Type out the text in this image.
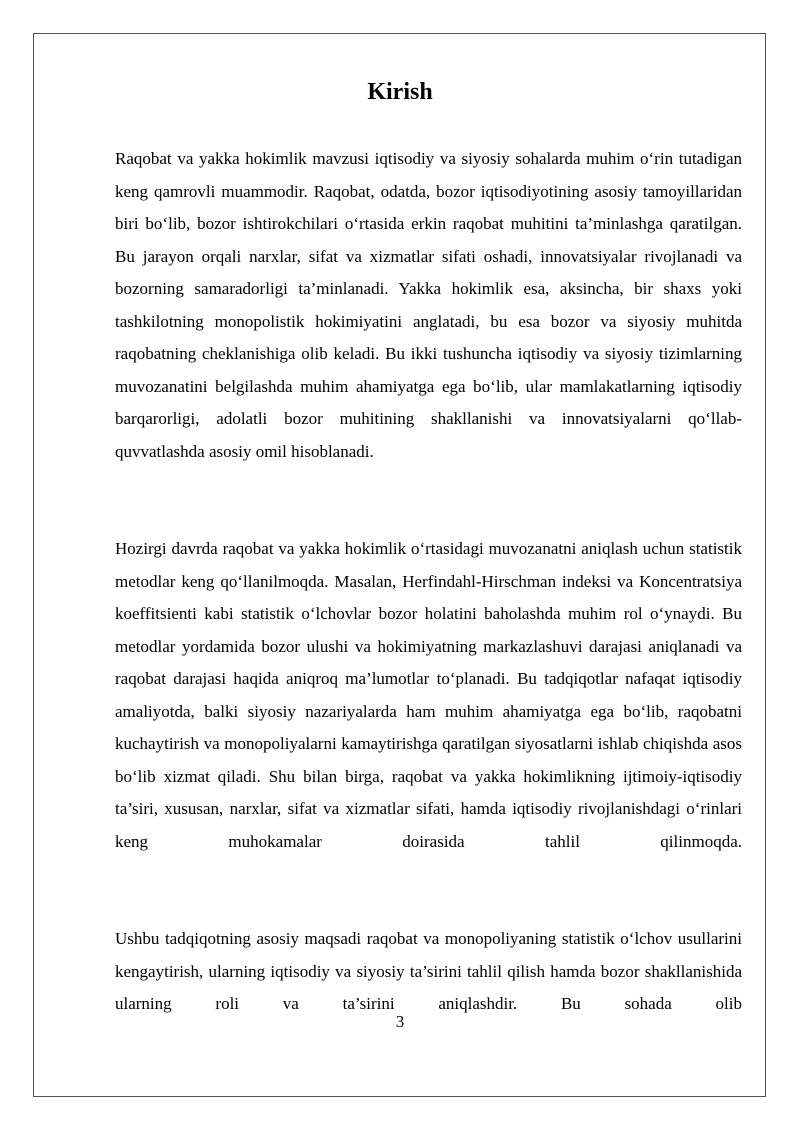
Kirish

Raqobat va yakka hokimlik mavzusi iqtisodiy va siyosiy sohalarda muhim o‘rin tutadigan keng qamrovli muammodir. Raqobat, odatda, bozor iqtisodiyotining asosiy tamoyillaridan biri bo‘lib, bozor ishtirokchilari o‘rtasida erkin raqobat muhitini ta’minlashga qaratilgan. Bu jarayon orqali narxlar, sifat va xizmatlar sifati oshadi, innovatsiyalar rivojlanadi va bozorning samaradorligi ta’minlanadi. Yakka hokimlik esa, aksincha, bir shaxs yoki tashkilotning monopolistik hokimiyatini anglatadi, bu esa bozor va siyosiy muhitda raqobatning cheklanishiga olib keladi. Bu ikki tushuncha iqtisodiy va siyosiy tizimlarning muvozanatini belgilashda muhim ahamiyatga ega bo‘lib, ular mamlakatlarning iqtisodiy barqarorligi, adolatli bozor muhitining shakllanishi va innovatsiyalarni qo‘llab-quvvatlashda asosiy omil hisoblanadi.

Hozirgi davrda raqobat va yakka hokimlik o‘rtasidagi muvozanatni aniqlash uchun statistik metodlar keng qo‘llanilmoqda. Masalan, Herfindahl-Hirschman indeksi va Koncentratsiya koeffitsienti kabi statistik o‘lchovlar bozor holatini baholashda muhim rol o‘ynaydi. Bu metodlar yordamida bozor ulushi va hokimiyatning markazlashuvi darajasi aniqlanadi va raqobat darajasi haqida aniqroq ma’lumotlar to‘planadi. Bu tadqiqotlar nafaqat iqtisodiy amaliyotda, balki siyosiy nazariyalarda ham muhim ahamiyatga ega bo‘lib, raqobatni kuchaytirish va monopoliyalarni kamaytirishga qaratilgan siyosatlarni ishlab chiqishda asos bo‘lib xizmat qiladi. Shu bilan birga, raqobat va yakka hokimlikning ijtimoiy-iqtisodiy ta’siri, xususan, narxlar, sifat va xizmatlar sifati, hamda iqtisodiy rivojlanishdagi o‘rinlari keng muhokamalar doirasida tahlil qilinmoqda.

Ushbu tadqiqotning asosiy maqsadi raqobat va monopoliyaning statistik o‘lchov usullarini kengaytirish, ularning iqtisodiy va siyosiy ta’sirini tahlil qilish hamda bozor shakllanishida ularning roli va ta’sirini aniqlashdir. Bu sohada olib

3
